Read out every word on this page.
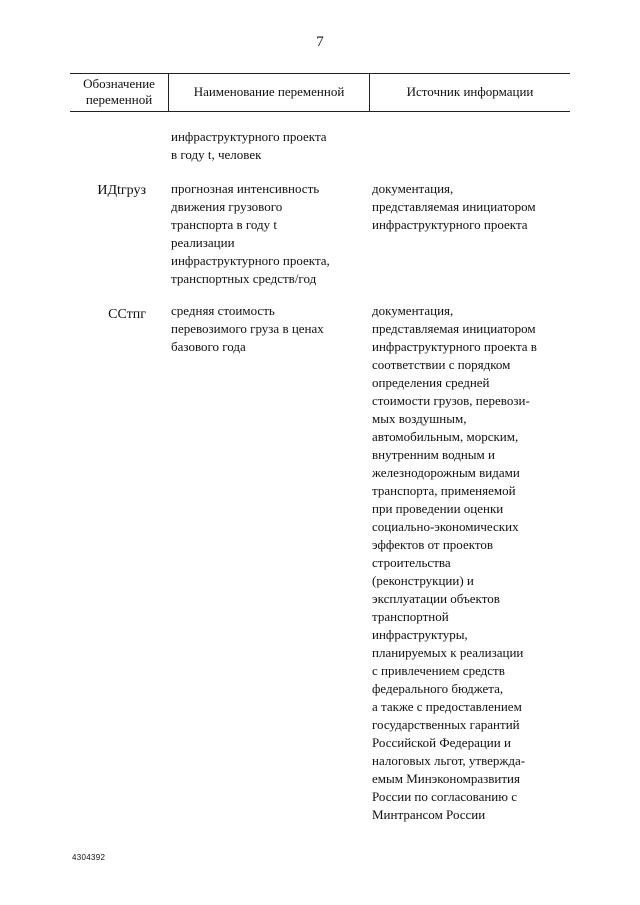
7
Обозначение переменной
Наименование переменной	Источник информации
инфраструктурного проекта
в году t, человек
ИДtгруз прогнозная интенсивность
движения грузового
транспорта в году t
реализации
инфраструктурного проекта,
транспортных средств/год
документация,
представляемая инициатором
инфраструктурного проекта
ССтпг средняя стоимость
перевозимого груза в ценах
базового года
документация,
представляемая инициатором
инфраструктурного проекта в
соответствии с порядком
определения средней
стоимости грузов, перевози-
мых воздушным,
автомобильным, морским,
внутренним водным и
железнодорожным видами
транспорта, применяемой
при проведении оценки
социально-экономических
эффектов от проектов
строительства
(реконструкции) и
эксплуатации объектов
транспортной
инфраструктуры,
планируемых к реализации
с привлечением средств
федерального бюджета,
а также с предоставлением
государственных гарантий
Российской Федерации и
налоговых льгот, утвержда-
емым Минэкономразвития
России по согласованию с
Минтрансом России
4304392
